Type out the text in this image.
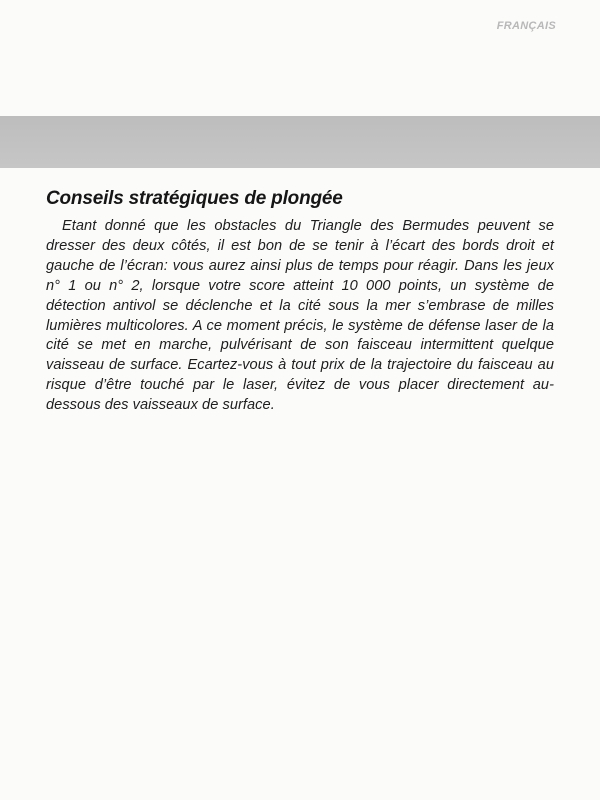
FRANÇAIS
Conseils stratégiques de plongée

Etant donné que les obstacles du Triangle des Bermudes peuvent se dresser des deux côtés, il est bon de se tenir à l’écart des bords droit et gauche de l’écran: vous aurez ainsi plus de temps pour réagir. Dans les jeux n° 1 ou n° 2, lorsque votre score atteint 10 000 points, un système de détection antivol se déclenche et la cité sous la mer s’embrase de milles lumières multicolores. A ce moment précis, le système de défense laser de la cité se met en marche, pulvérisant de son faisceau intermittent quelque vaisseau de surface. Ecartez-vous à tout prix de la trajectoire du faisceau au risque d’être touché par le laser, évitez de vous placer directement au-dessous des vaisseaux de surface.
